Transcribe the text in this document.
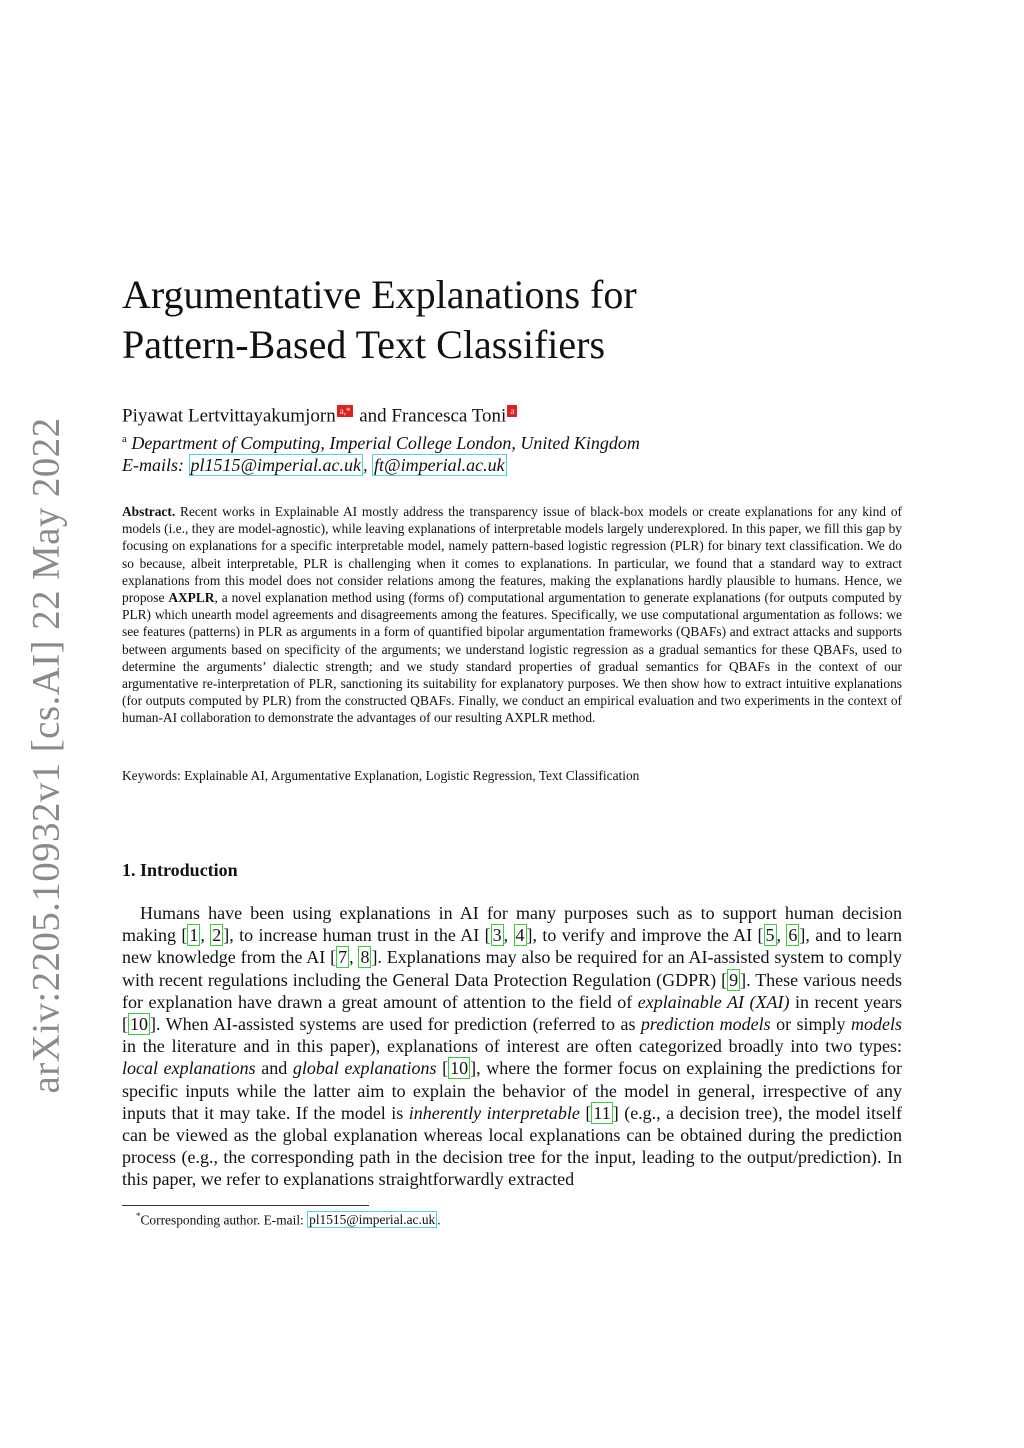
arXiv:2205.10932v1 [cs.AI] 22 May 2022
Argumentative Explanations for
Pattern-Based Text Classifiers
Piyawat Lertvittayakumjorn a,* and Francesca Toni a
$^a$ Department of Computing, Imperial College London, United Kingdom
E-mails: pl1515@imperial.ac.uk , ft@imperial.ac.uk

Abstract. Recent works in Explainable AI mostly address the transparency issue of black-box models or create explanations for any kind of models (i.e., they are model-agnostic), while leaving explanations of interpretable models largely underexplored. In this paper, we fill this gap by focusing on explanations for a specific interpretable model, namely pattern-based logistic regression (PLR) for binary text classification. We do so because, albeit interpretable, PLR is challenging when it comes to explanations. In particular, we found that a standard way to extract explanations from this model does not consider relations among the features, making the explanations hardly plausible to humans. Hence, we propose AXPLR, a novel explanation method using (forms of) computational argumentation to generate explanations (for outputs computed by PLR) which unearth model agreements and disagreements among the features. Specifically, we use computational argumentation as follows: we see features (patterns) in PLR as arguments in a form of quantified bipolar argumentation frameworks (QBAFs) and extract attacks and supports between arguments based on specificity of the arguments; we understand logistic regression as a gradual semantics for these QBAFs, used to determine the arguments’ dialectic strength; and we study standard properties of gradual semantics for QBAFs in the context of our argumentative re-interpretation of PLR, sanctioning its suitability for explanatory purposes. We then show how to extract intuitive explanations (for outputs computed by PLR) from the constructed QBAFs. Finally, we conduct an empirical evaluation and two experiments in the context of human-AI collaboration to demonstrate the advantages of our resulting AXPLR method.

Keywords: Explainable AI, Argumentative Explanation, Logistic Regression, Text Classification
1. Introduction

Humans have been using explanations in AI for many purposes such as to support human decision making [ 1 , 2 ], to increase human trust in the AI [ 3 , 4 ], to verify and improve the AI [ 5 , 6 ], and to learn new knowledge from the AI [ 7 , 8 ]. Explanations may also be required for an AI-assisted system to comply with recent regulations including the General Data Protection Regulation (GDPR) [ 9 ]. These various needs for explanation have drawn a great amount of attention to the field of explainable AI (XAI) in recent years [ 10 ]. When AI-assisted systems are used for prediction (referred to as prediction models or simply models in the literature and in this paper), explanations of interest are often categorized broadly into two types: local explanations and global explanations [ 10 ], where the former focus on explaining the predictions for specific inputs while the latter aim to explain the behavior of the model in general, irrespective of any inputs that it may take. If the model is inherently interpretable [ 11 ] (e.g., a decision tree), the model itself can be viewed as the global explanation whereas local explanations can be obtained during the prediction process (e.g., the corresponding path in the decision tree for the input, leading to the output/prediction). In this paper, we refer to explanations straightforwardly extracted

*Corresponding author. E-mail: pl1515@imperial.ac.uk .
